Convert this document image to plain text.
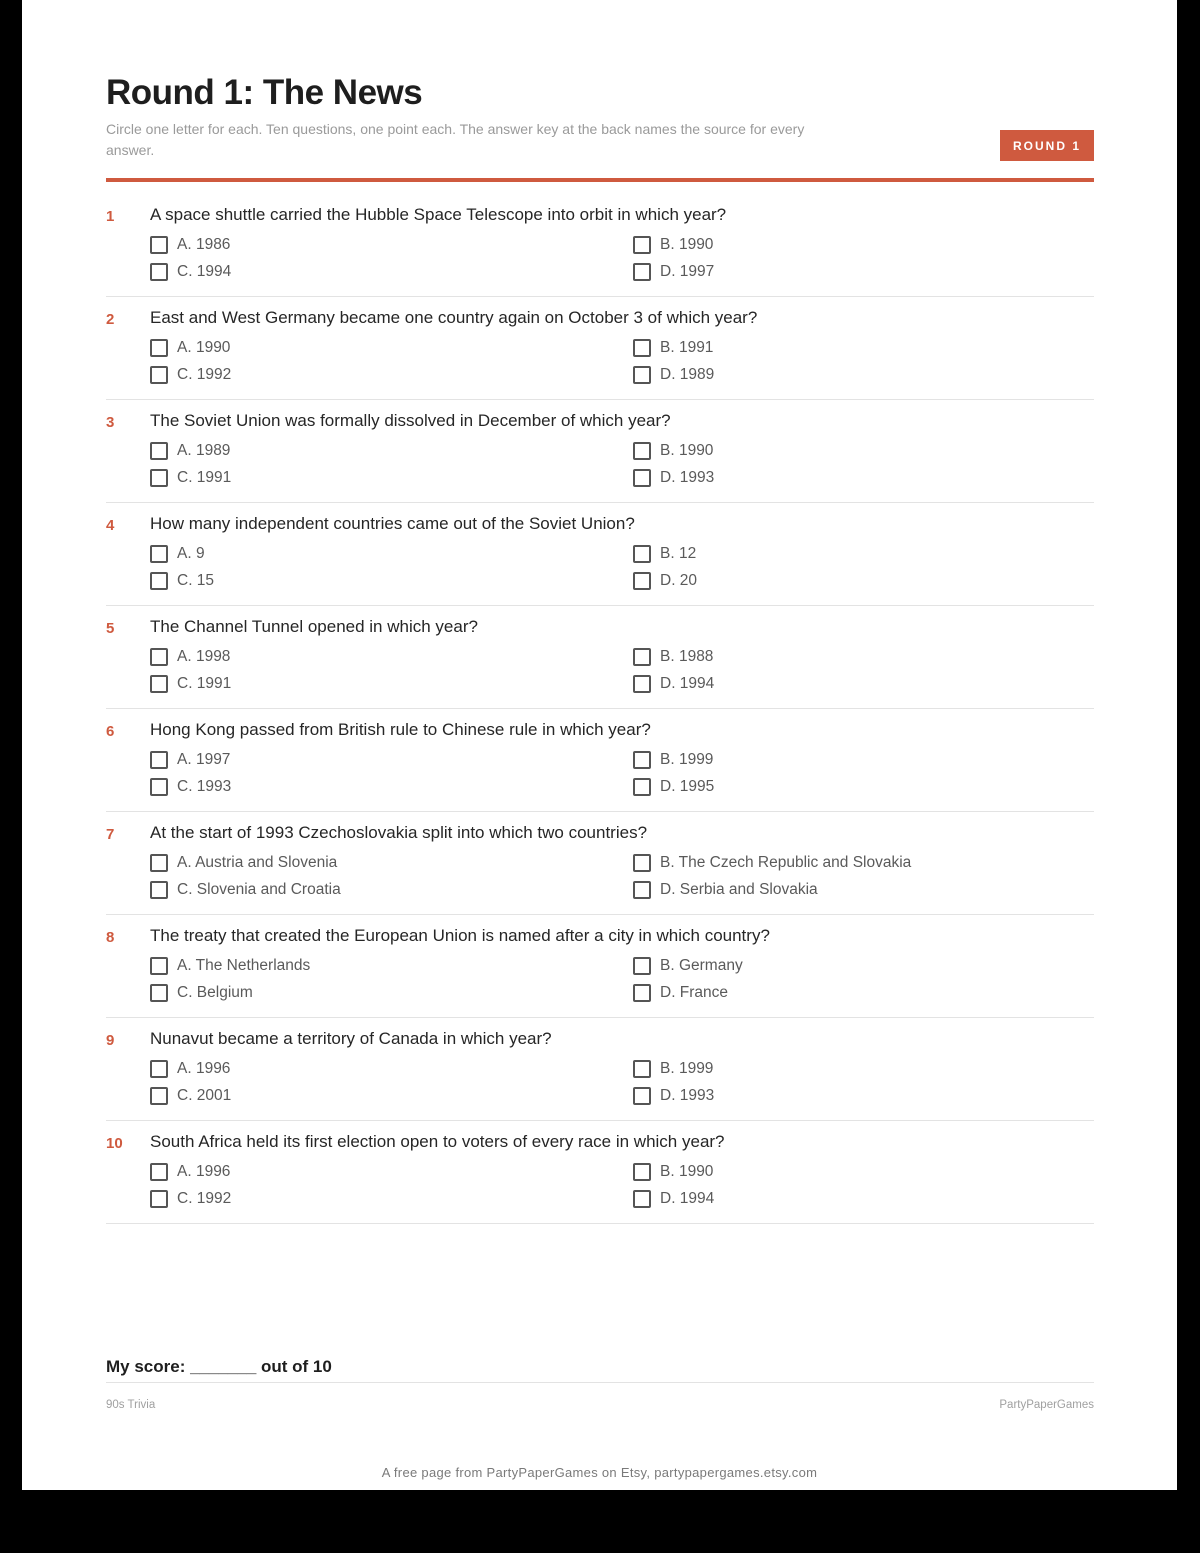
Round 1: The News
Circle one letter for each. Ten questions, one point each. The answer key at the back names the source for every answer.	ROUND 1
1 A space shuttle carried the Hubble Space Telescope into orbit in which year?
A. 1986	B. 1990
C. 1994	D. 1997
2 East and West Germany became one country again on October 3 of which year?
A. 1990	B. 1991
C. 1992	D. 1989
3 The Soviet Union was formally dissolved in December of which year?
A. 1989	B. 1990
C. 1991	D. 1993
4 How many independent countries came out of the Soviet Union?
A. 9	B. 12
C. 15	D. 20
5 The Channel Tunnel opened in which year?
A. 1998	B. 1988
C. 1991	D. 1994
6 Hong Kong passed from British rule to Chinese rule in which year?
A. 1997	B. 1999
C. 1993	D. 1995
7 At the start of 1993 Czechoslovakia split into which two countries?
A. Austria and Slovenia	B. The Czech Republic and Slovakia
C. Slovenia and Croatia	D. Serbia and Slovakia
8 The treaty that created the European Union is named after a city in which country?
A. The Netherlands	B. Germany
C. Belgium	D. France
9 Nunavut became a territory of Canada in which year?
A. 1996	B. 1999
C. 2001	D. 1993
10 South Africa held its first election open to voters of every race in which year?
A. 1996	B. 1990
C. 1992	D. 1994
My score: _______ out of 10
90s Trivia	PartyPaperGames
A free page from PartyPaperGames on Etsy, partypapergames.etsy.com
